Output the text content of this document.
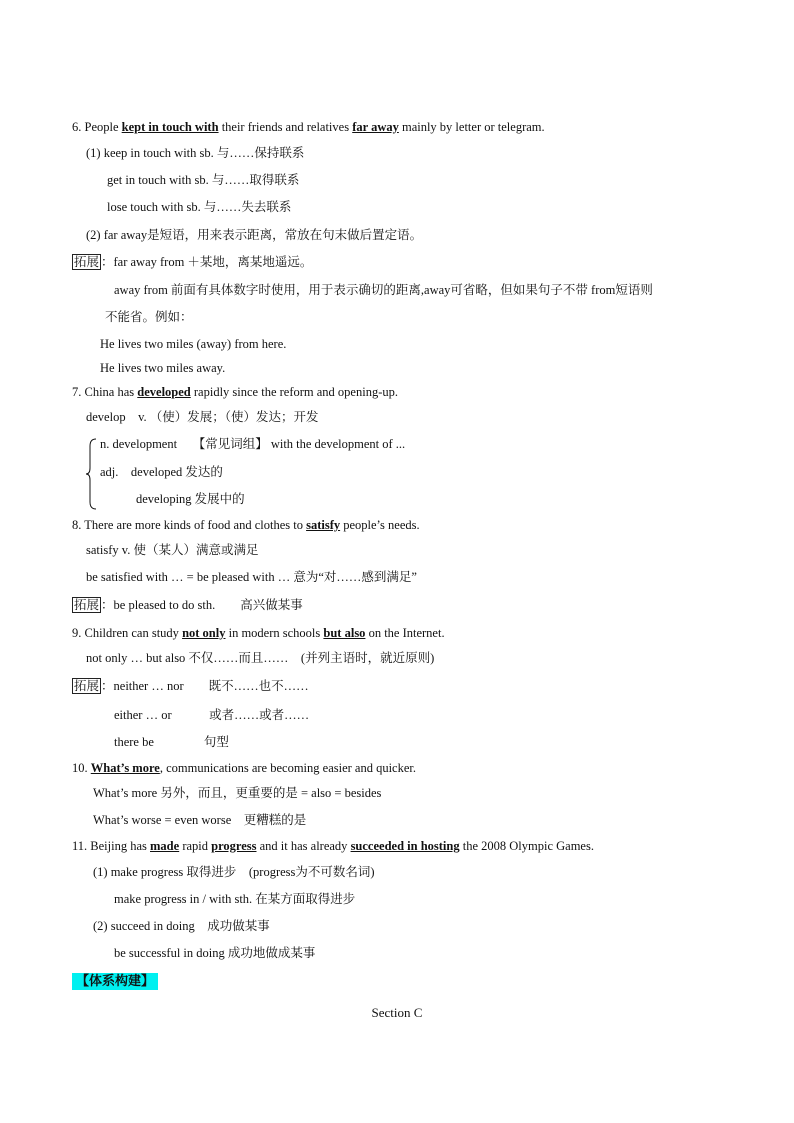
6. People kept in touch with their friends and relatives far away mainly by letter or telegram.
(1) keep in touch with sb. 与……保持联系
get in touch with sb. 与……取得联系
lose touch with sb. 与……失去联系
(2) far away是短语，用来表示距离，常放在句末做后置定语。
拓展 ：far away from ＋某地，离某地遥远。
away from 前面有具体数字时使用，用于表示确切的距离,away可省略，但如果句子不带 from短语则
不能省。例如：
He lives two miles (away) from here.
He lives two miles away.
7. China has developed rapidly since the reform and opening-up.
develop　v. （使）发展；（使）发达；开发
n. development　 【常见词组】 with the development of ...
adj.　developed 发达的
developing 发展中的
8. There are more kinds of food and clothes to satisfy people’s needs.
satisfy v. 使（某人）满意或满足
be satisfied with … = be pleased with … 意为“对……感到满足”
拓展 ：be pleased to do sth.　　高兴做某事
9. Children can study not only in modern schools but also on the Internet.
not only … but also 不仅……而且……　(并列主语时，就近原则)
拓展 ：neither … nor　　既不……也不……
either … or　　　或者……或者……
there be　　　　句型
10. What’s more, communications are becoming easier and quicker.
What’s more 另外，而且，更重要的是 = also = besides
What’s worse = even worse　更糟糕的是
11. Beijing has made rapid progress and it has already succeeded in hosting the 2008 Olympic Games.
(1) make progress 取得进步　(progress为不可数名词)
make progress in / with sth. 在某方面取得进步
(2) succeed in doing　成功做某事
be successful in doing 成功地做成某事
【体系构建】
Section C
